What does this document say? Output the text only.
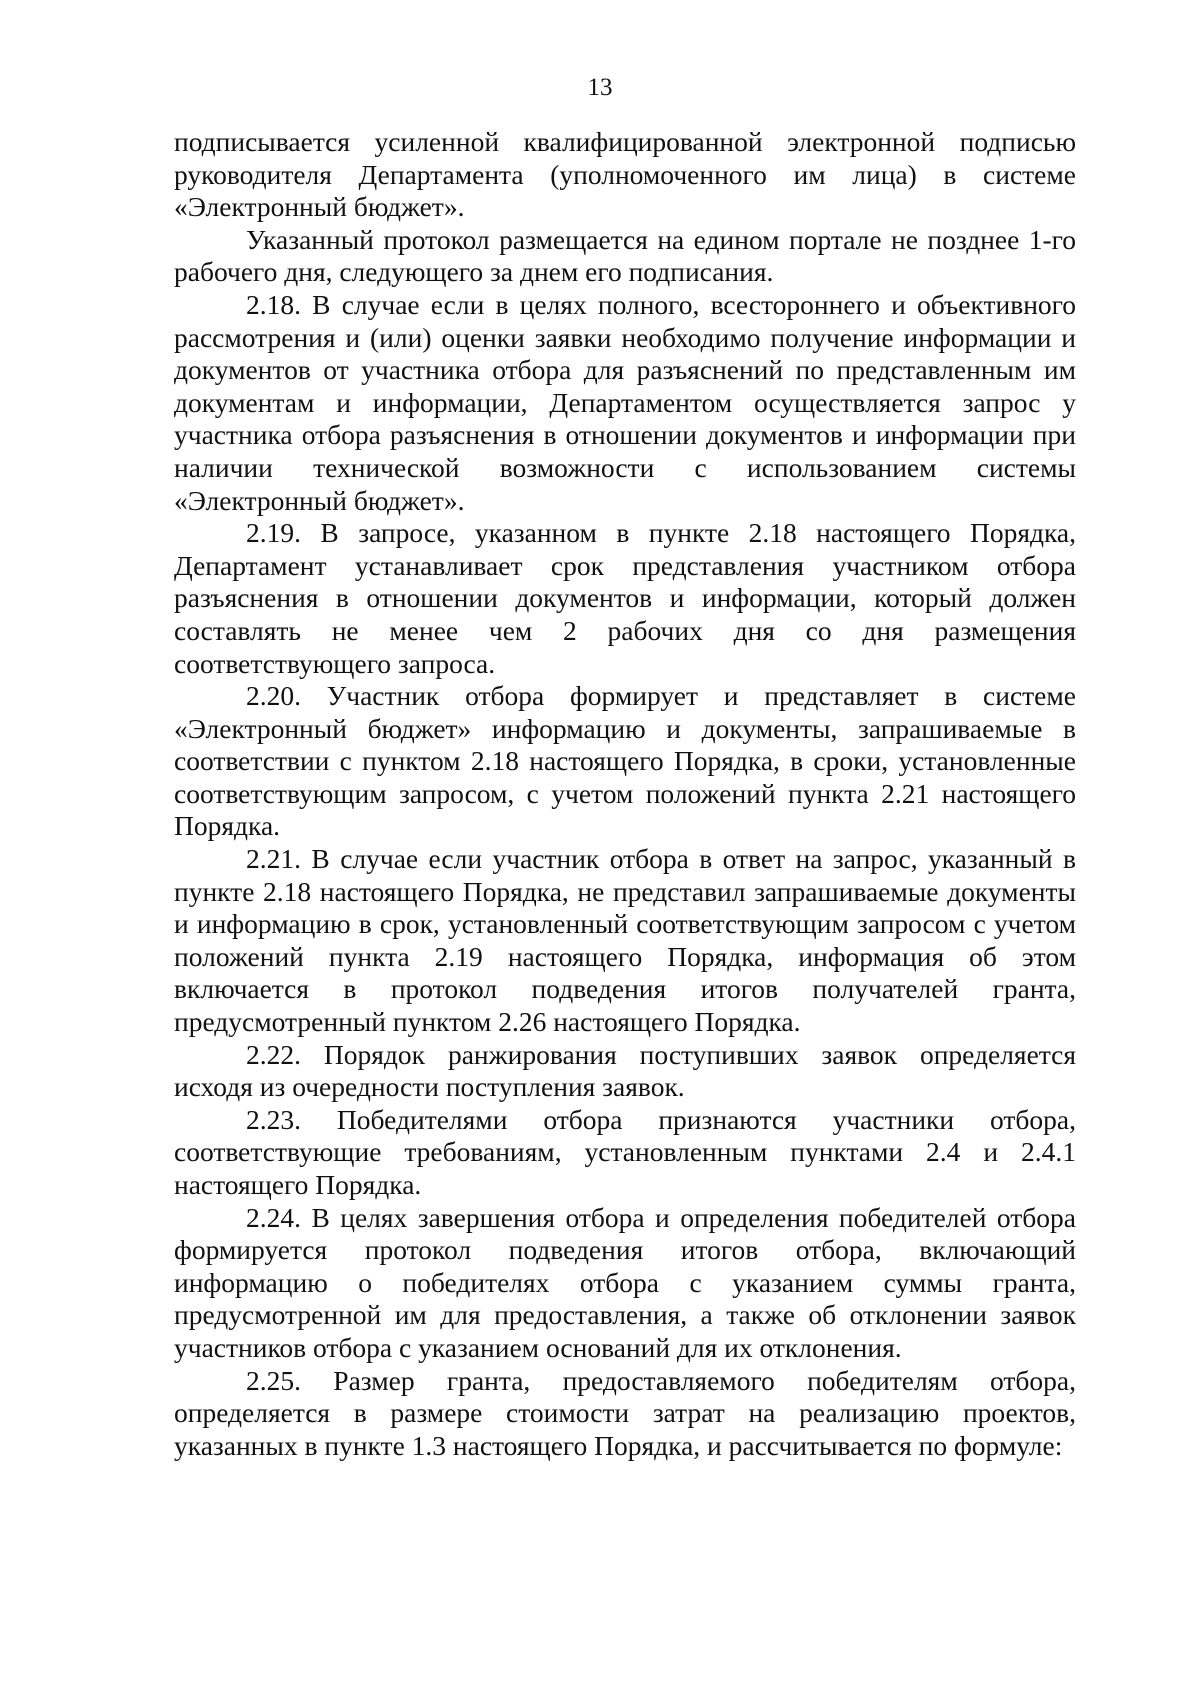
13

подписывается усиленной квалифицированной электронной подписью руководителя Департамента (уполномоченного им лица) в системе «Электронный бюджет».

Указанный протокол размещается на едином портале не позднее 1-го рабочего дня, следующего за днем его подписания.

2.18. В случае если в целях полного, всестороннего и объективного рассмотрения и (или) оценки заявки необходимо получение информации и документов от участника отбора для разъяснений по представленным им документам и информации, Департаментом осуществляется запрос у участника отбора разъяснения в отношении документов и информации при наличии технической возможности с использованием системы «Электронный бюджет».

2.19. В запросе, указанном в пункте 2.18 настоящего Порядка, Департамент устанавливает срок представления участником отбора разъяснения в отношении документов и информации, который должен составлять не менее чем 2 рабочих дня со дня размещения соответствующего запроса.

2.20. Участник отбора формирует и представляет в системе «Электронный бюджет» информацию и документы, запрашиваемые в соответствии с пунктом 2.18 настоящего Порядка, в сроки, установленные соответствующим запросом, с учетом положений пункта 2.21 настоящего Порядка.

2.21. В случае если участник отбора в ответ на запрос, указанный в пункте 2.18 настоящего Порядка, не представил запрашиваемые документы и информацию в срок, установленный соответствующим запросом с учетом положений пункта 2.19 настоящего Порядка, информация об этом включается в протокол подведения итогов получателей гранта, предусмотренный пунктом 2.26 настоящего Порядка.

2.22. Порядок ранжирования поступивших заявок определяется исходя из очередности поступления заявок.

2.23. Победителями отбора признаются участники отбора, соответствующие требованиям, установленным пунктами 2.4 и 2.4.1 настоящего Порядка.

2.24. В целях завершения отбора и определения победителей отбора формируется протокол подведения итогов отбора, включающий информацию о победителях отбора с указанием суммы гранта, предусмотренной им для предоставления, а также об отклонении заявок участников отбора с указанием оснований для их отклонения.

2.25. Размер гранта, предоставляемого победителям отбора, определяется в размере стоимости затрат на реализацию проектов, указанных в пункте 1.3 настоящего Порядка, и рассчитывается по формуле:
